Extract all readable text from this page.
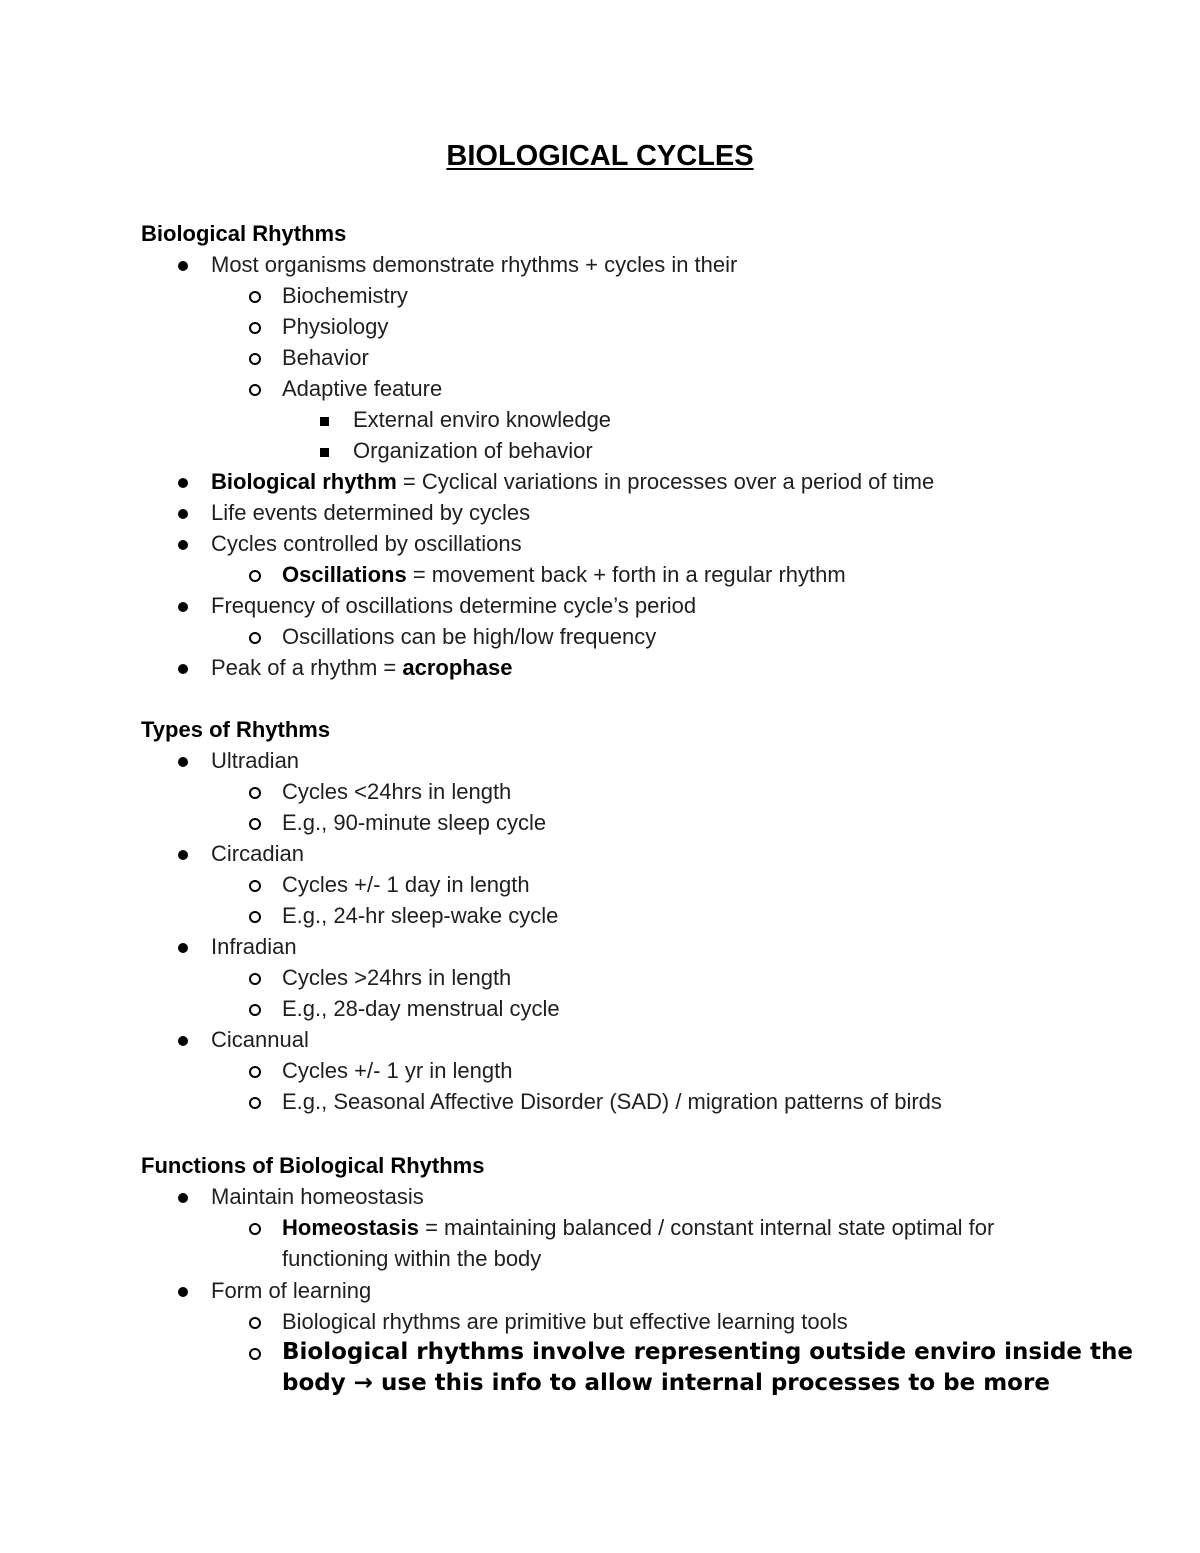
BIOLOGICAL CYCLES
Biological Rhythms
Most organisms demonstrate rhythms + cycles in their
Biochemistry
Physiology
Behavior
Adaptive feature
External enviro knowledge
Organization of behavior
Biological rhythm = Cyclical variations in processes over a period of time
Life events determined by cycles
Cycles controlled by oscillations
Oscillations = movement back + forth in a regular rhythm
Frequency of oscillations determine cycle’s period
Oscillations can be high/low frequency
Peak of a rhythm = acrophase
Types of Rhythms
Ultradian
Cycles <24hrs in length
E.g., 90-minute sleep cycle
Circadian
Cycles +/- 1 day in length
E.g., 24-hr sleep-wake cycle
Infradian
Cycles >24hrs in length
E.g., 28-day menstrual cycle
Cicannual
Cycles +/- 1 yr in length
E.g., Seasonal Affective Disorder (SAD) / migration patterns of birds
Functions of Biological Rhythms
Maintain homeostasis
Homeostasis = maintaining balanced / constant internal state optimal for
functioning within the body
Form of learning
Biological rhythms are primitive but effective learning tools
Biological rhythms involve representing outside enviro inside the
body → use this info to allow internal processes to be more
